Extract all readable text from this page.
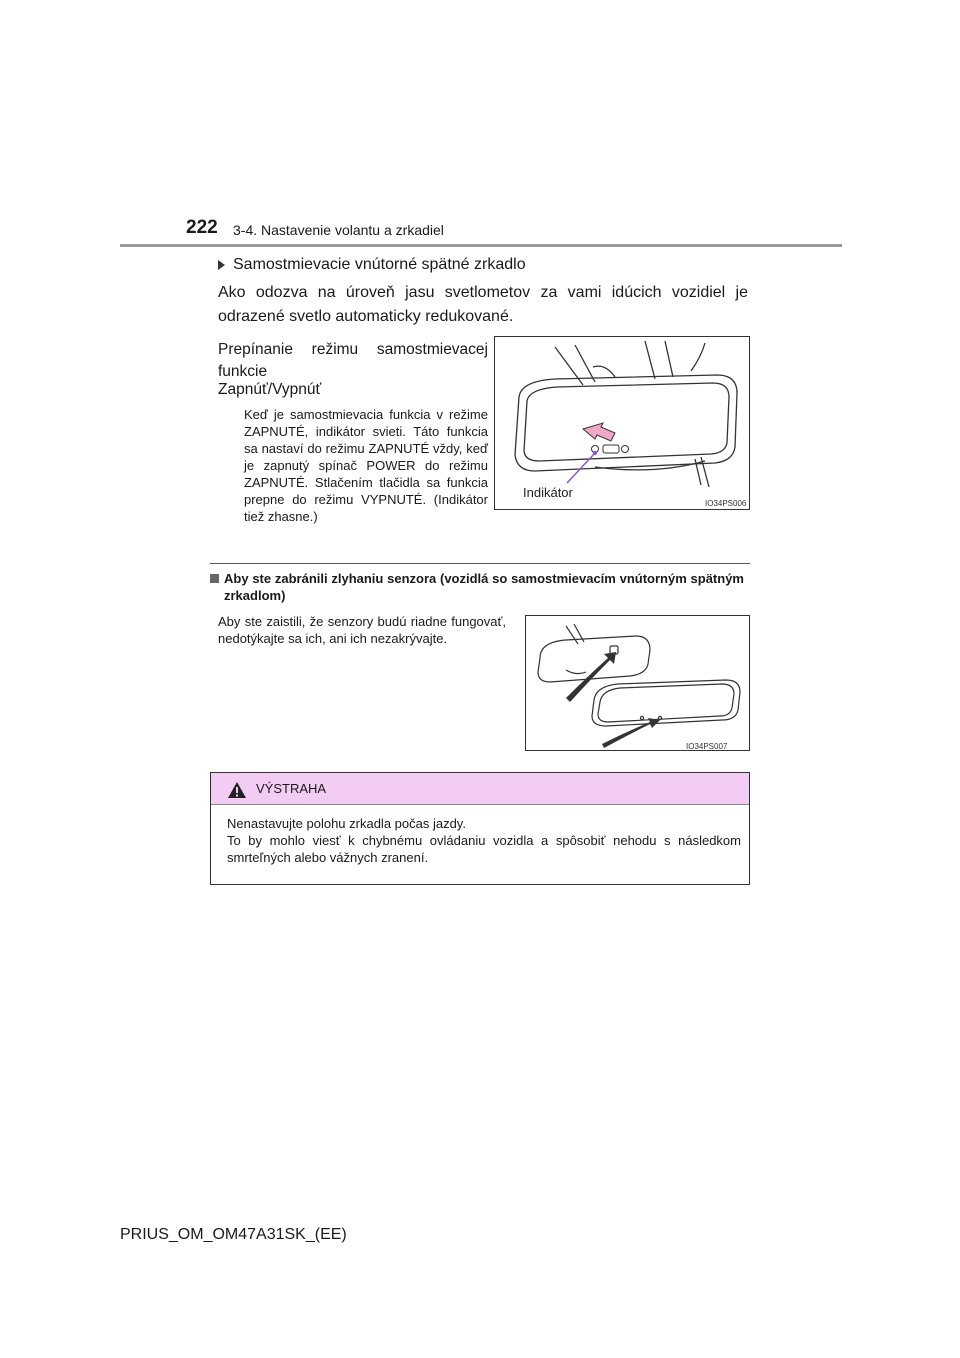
222 3-4. Nastavenie volantu a zrkadiel
Samostmievacie vnútorné spätné zrkadlo
Ako odozva na úroveň jasu svetlometov za vami idúcich vozidiel je
odrazené svetlo automaticky redukované.
Prepínanie režimu samostmievacej funkcie
Zapnúť/Vypnúť
Keď je samostmievacia funkcia v režime ZAPNUTÉ, indikátor svieti. Táto funkcia sa nastaví do režimu ZAPNUTÉ vždy, keď je zapnutý spínač POWER do režimu ZAPNUTÉ. Stlačením tlačidla sa funkcia prepne do režimu VYPNUTÉ. (Indikátor tiež zhasne.)
Indikátor
IO34PS006
Aby ste zabránili zlyhaniu senzora (vozidlá so samostmievacím vnútorným spätným zrkadlom)
Aby ste zaistili, že senzory budú riadne fungovať, nedotýkajte sa ich, ani ich nezakrývajte.
IO34PS007
VÝSTRAHA
Nenastavujte polohu zrkadla počas jazdy.
To by mohlo viesť k chybnému ovládaniu vozidla a spôsobiť nehodu s následkom smrteľných alebo vážnych zranení.
PRIUS_OM_OM47A31SK_(EE)
